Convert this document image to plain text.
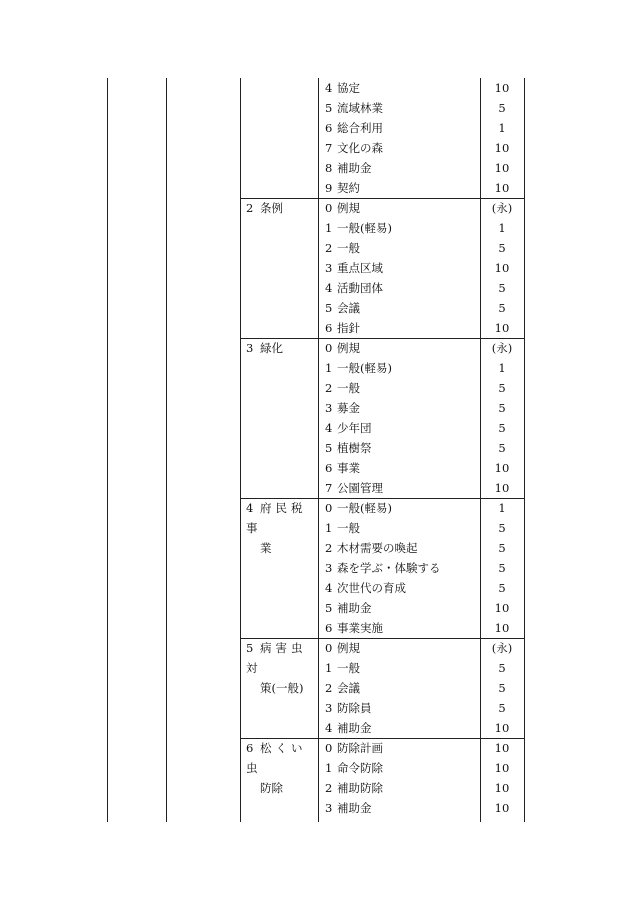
4 協定	10
5 流域林業	5
6 総合利用	1
7 文化の森	10
8 補助金	10
9 契約	10
2 条例	0 例規	(永)
1 一般(軽易)	1
2 一般	5
3 重点区域	10
4 活動団体	5
5 会議	5
6 指針	10
3 緑化	0 例規	(永)
1 一般(軽易)	1
2 一般	5
3 募金	5
4 少年団	5
5 植樹祭	5
6 事業	10
7 公園管理	10
4 府民税事
業
0 一般(軽易)	1
1 一般	5
2 木材需要の喚起	5
3 森を学ぶ・体験する	5
4 次世代の育成	5
5 補助金	10
6 事業実施	10
5 病害虫対
策(一般)
0 例規	(永)
1 一般	5
2 会議	5
3 防除員	5
4 補助金	10
6 松くい虫
防除
0 防除計画	10
1 命令防除	10
2 補助防除	10
3 補助金	10
